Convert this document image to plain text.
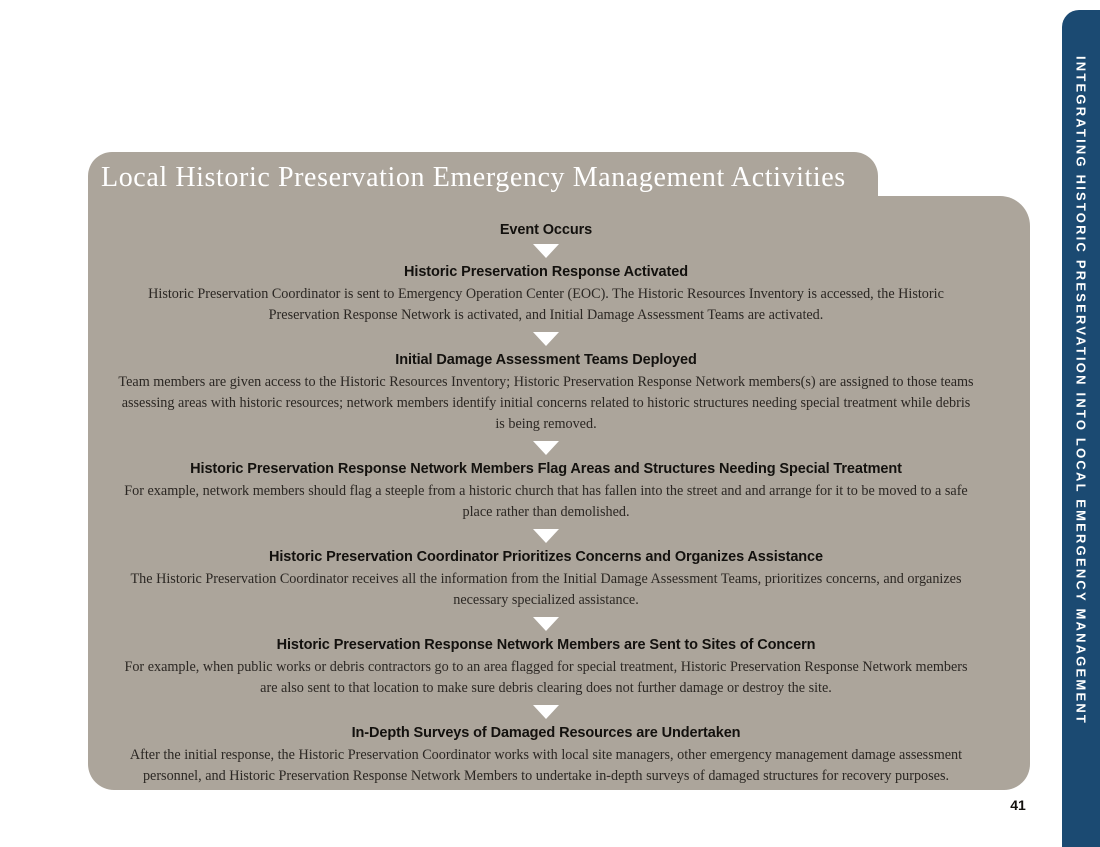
Local Historic Preservation Emergency Management Activities
Event Occurs
Historic Preservation Response Activated
Historic Preservation Coordinator is sent to Emergency Operation Center (EOC). The Historic Resources Inventory is accessed, the Historic Preservation Response Network is activated, and Initial Damage Assessment Teams are activated.
Initial Damage Assessment Teams Deployed
Team members are given access to the Historic Resources Inventory; Historic Preservation Response Network members(s) are assigned to those teams assessing areas with historic resources; network members identify initial concerns related to historic structures needing special treatment while debris is being removed.
Historic Preservation Response Network Members Flag Areas and Structures Needing Special Treatment
For example, network members should flag a steeple from a historic church that has fallen into the street and and arrange for it to be moved to a safe place rather than demolished.
Historic Preservation Coordinator Prioritizes Concerns and Organizes Assistance
The Historic Preservation Coordinator receives all the information from the Initial Damage Assessment Teams, prioritizes concerns, and organizes necessary specialized assistance.
Historic Preservation Response Network Members are Sent to Sites of Concern
For example, when public works or debris contractors go to an area flagged for special treatment, Historic Preservation Response Network members are also sent to that location to make sure debris clearing does not further damage or destroy the site.
In-Depth Surveys of Damaged Resources are Undertaken
After the initial response, the Historic Preservation Coordinator works with local site managers, other emergency management damage assessment personnel, and Historic Preservation Response Network Members to undertake in-depth surveys of damaged structures for recovery purposes.
INTEGRATING HISTORIC PRESERVATION INTO LOCAL EMERGENCY MANAGEMENT
41
